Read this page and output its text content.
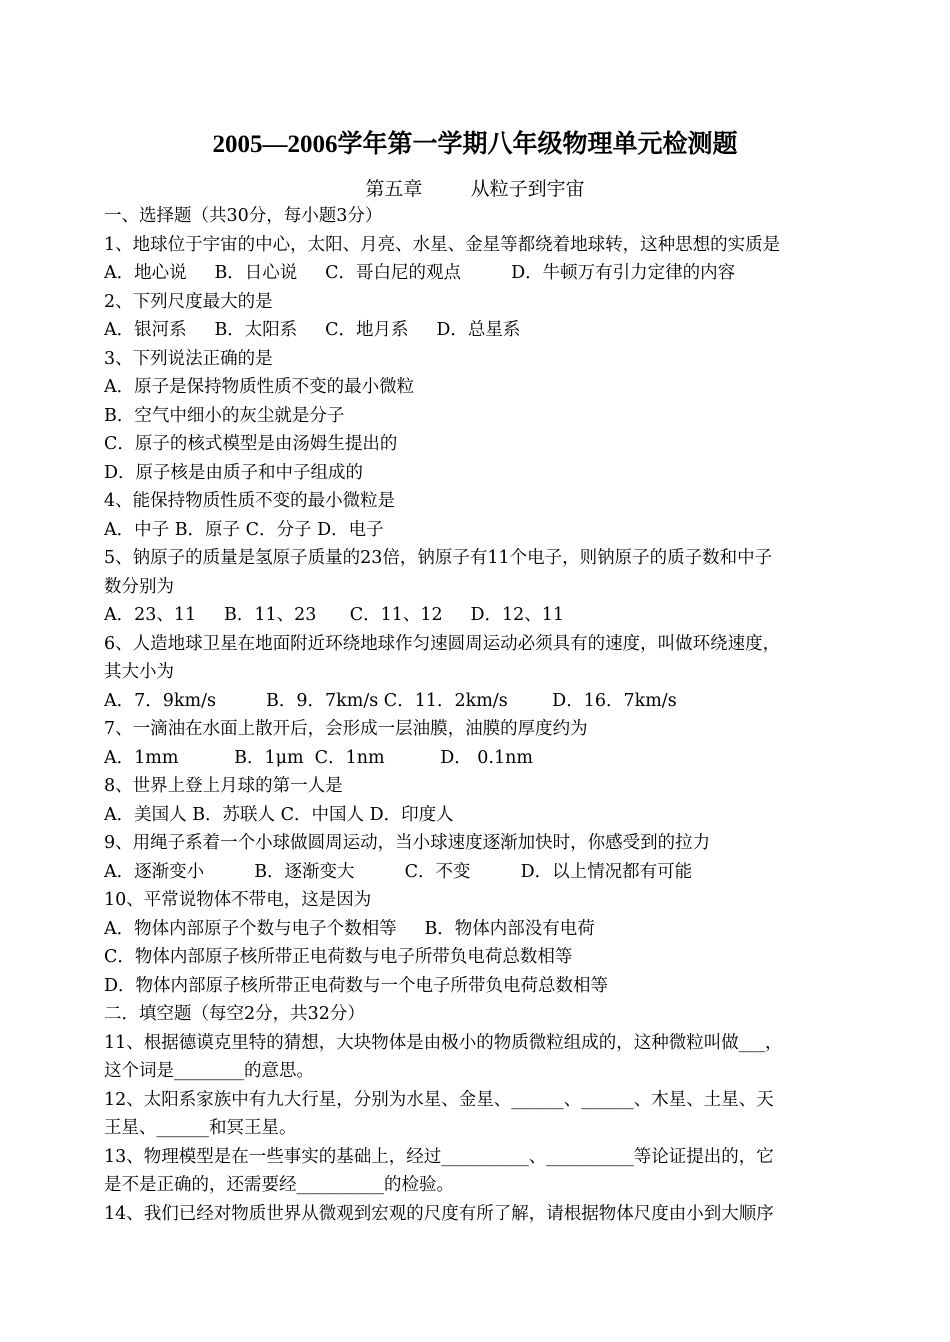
2005—2006学年第一学期八年级物理单元检测题
第五章        从粒子到宇宙
一、选择题（共30分，每小题3分）
1、地球位于宇宙的中心，太阳、月亮、水星、金星等都绕着地球转，这种思想的实质是
A．地心说     B．日心说     C．哥白尼的观点         D．牛顿万有引力定律的内容
2、下列尺度最大的是
A．银河系     B．太阳系     C．地月系     D．总星系
3、下列说法正确的是
A．原子是保持物质性质不变的最小微粒
B．空气中细小的灰尘就是分子
C．原子的核式模型是由汤姆生提出的
D．原子核是由质子和中子组成的
4、能保持物质性质不变的最小微粒是
A．中子 B．原子 C．分子 D．电子
5、钠原子的质量是氢原子质量的23倍，钠原子有11个电子，则钠原子的质子数和中子
数分别为
A．23、11     B．11、23      C．11、12     D．12、11
6、人造地球卫星在地面附近环绕地球作匀速圆周运动必须具有的速度，叫做环绕速度，
其大小为
A．7．9km/s         B．9．7km/s C．11．2km/s        D．16．7km/s
7、一滴油在水面上散开后，会形成一层油膜，油膜的厚度约为
A．1mm          B．1μm  C．1nm          D． 0.1nm
8、世界上登上月球的第一人是
A．美国人 B．苏联人 C．中国人 D．印度人
9、用绳子系着一个小球做圆周运动，当小球速度逐渐加快时，你感受到的拉力
A．逐渐变小         B．逐渐变大         C．不变         D．以上情况都有可能
10、平常说物体不带电，这是因为
A．物体内部原子个数与电子个数相等     B．物体内部没有电荷
C．物体内部原子核所带正电荷数与电子所带负电荷总数相等
D．物体内部原子核所带正电荷数与一个电子所带负电荷总数相等
二．填空题（每空2分，共32分）
11、根据德谟克里特的猜想，大块物体是由极小的物质微粒组成的，这种微粒叫做___，
这个词是________的意思。
12、太阳系家族中有九大行星，分别为水星、金星、______、______、木星、土星、天
王星、______和冥王星。
13、物理模型是在一些事实的基础上，经过__________、__________等论证提出的，它
是不是正确的，还需要经__________的检验。
14、我们已经对物质世界从微观到宏观的尺度有所了解，请根据物体尺度由小到大顺序
